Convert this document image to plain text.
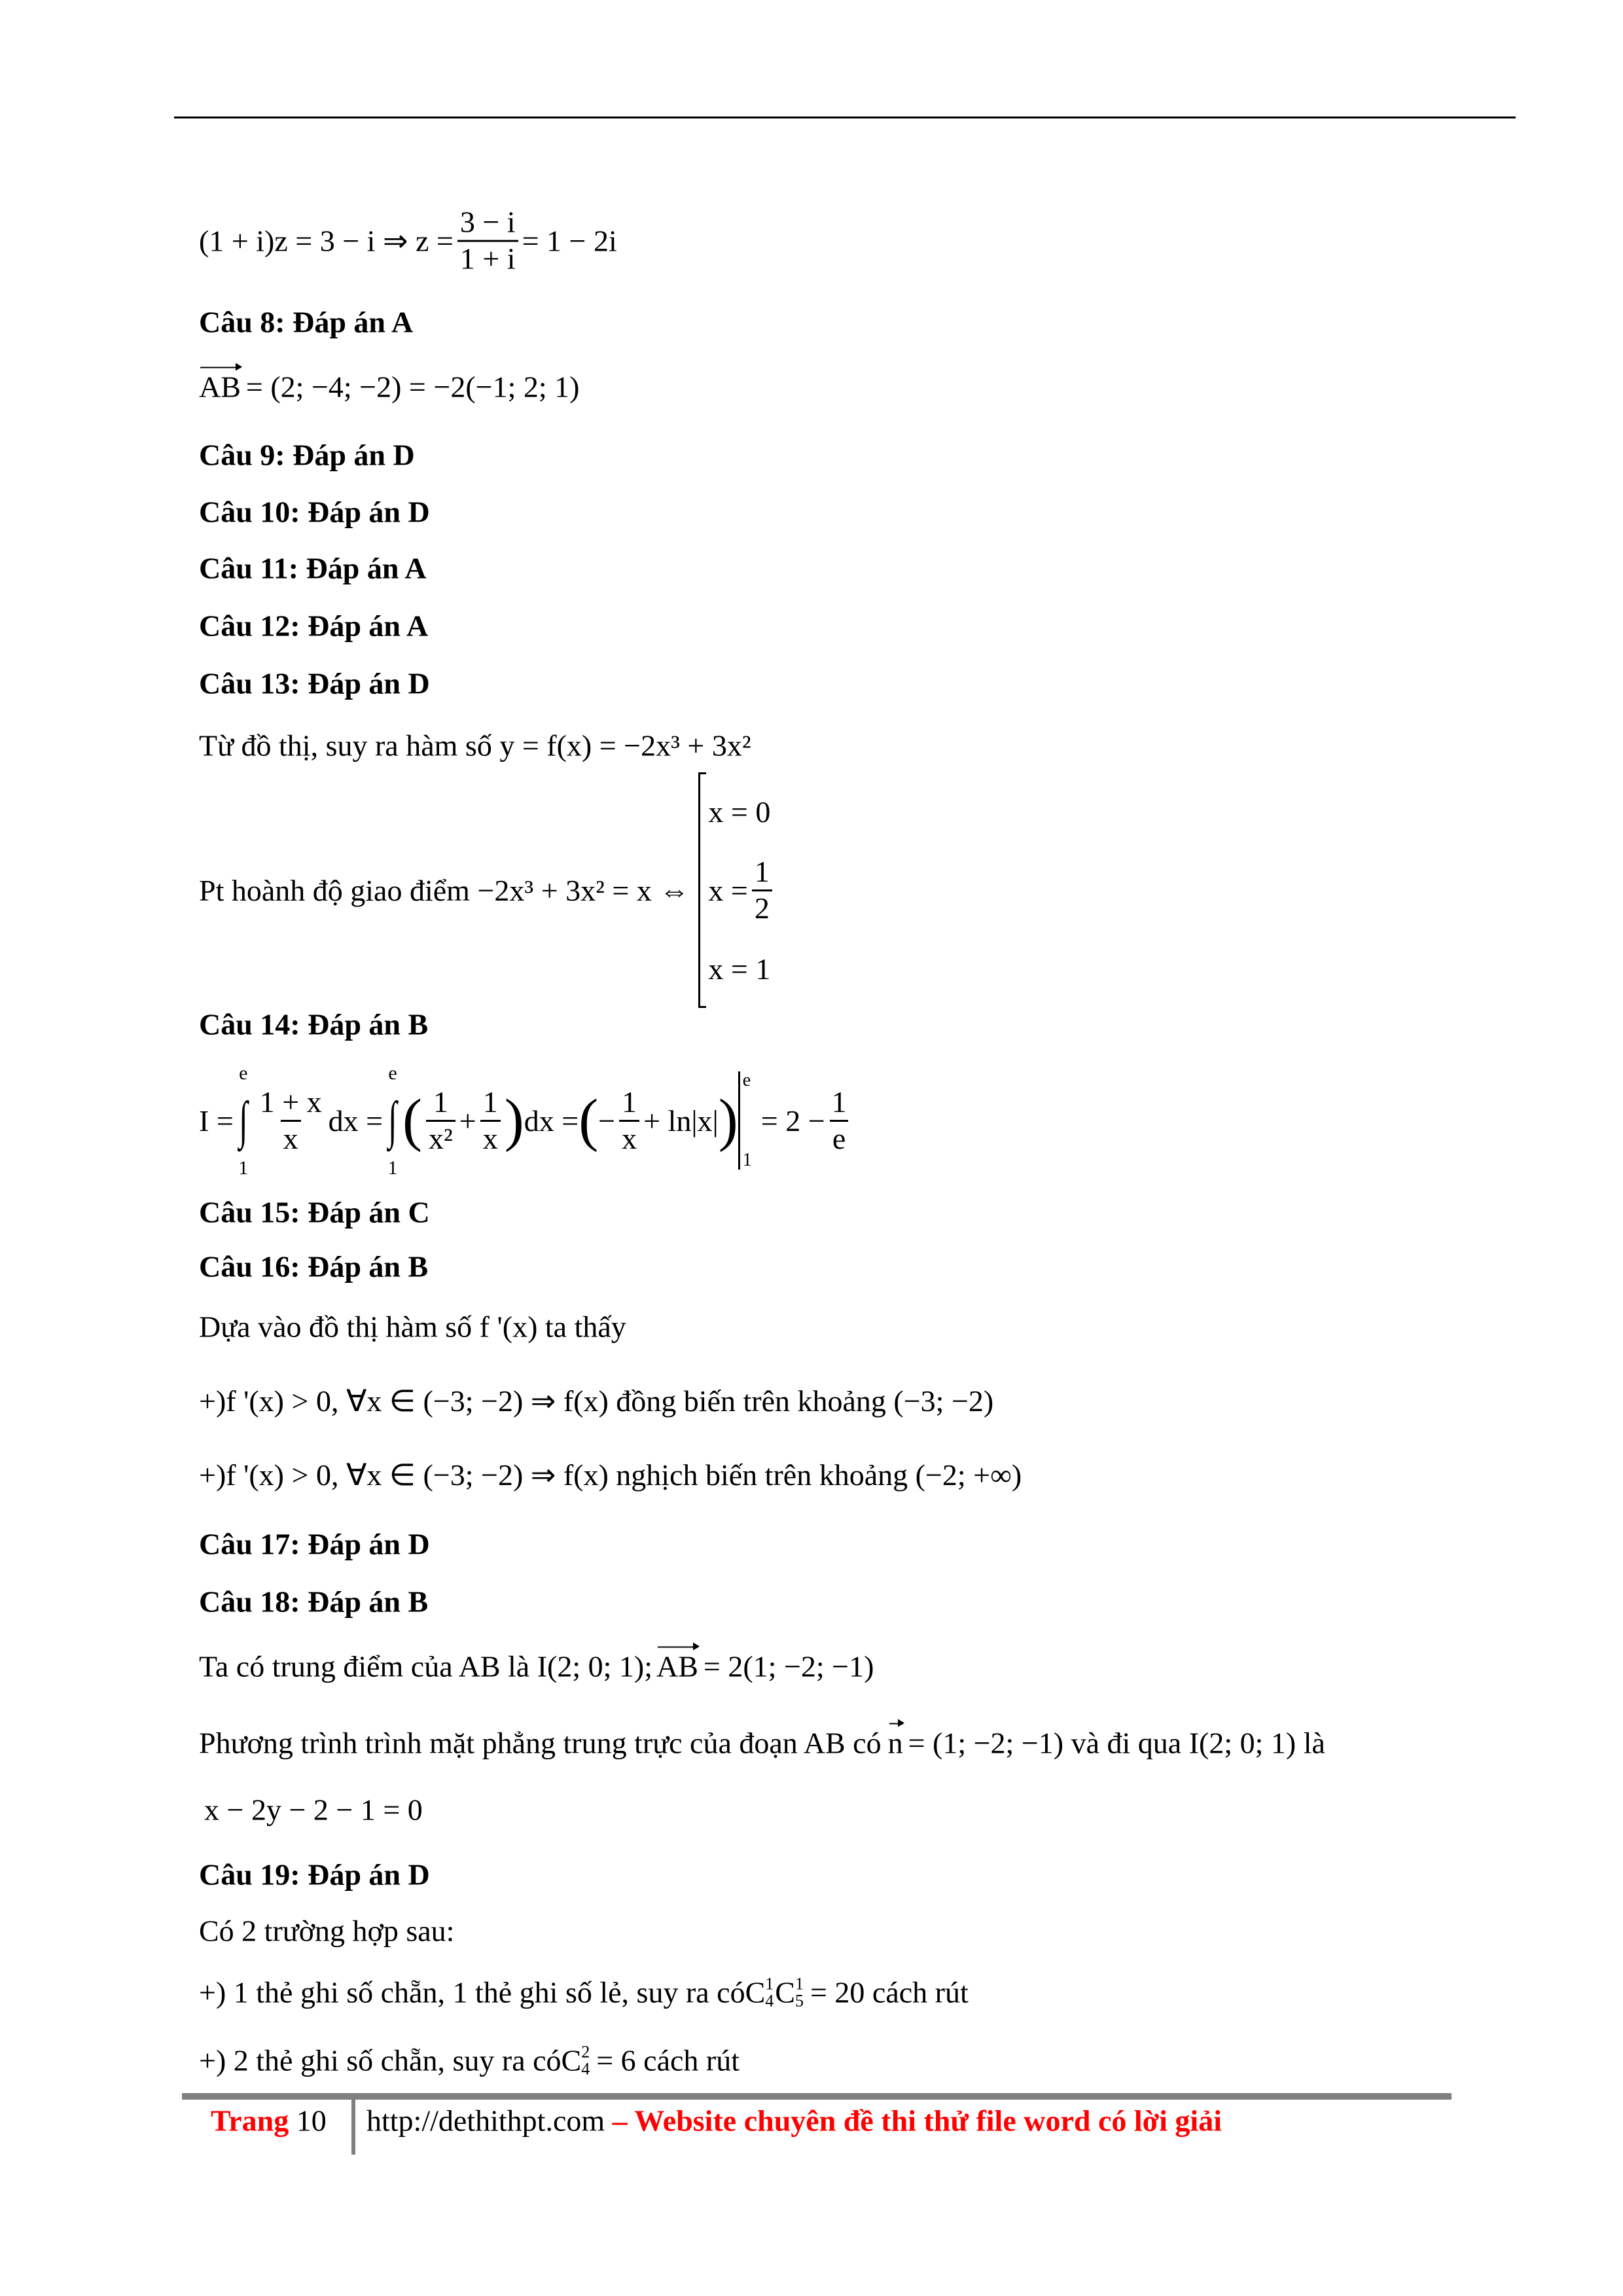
(1 + i)z = 3 − i ⇒ $z = \frac{3 - i}{1 + i} = 1 - 2i$
Câu 8: Đáp án A
AB = (2; −4; −2) = −2(−1; 2; 1)
Câu 9: Đáp án D
Câu 10: Đáp án D
Câu 11: Đáp án A
Câu 12: Đáp án A
Câu 13: Đáp án D
Từ đồ thị, suy ra hàm số y = f(x) = −2x³ + 3x²
Pt hoành độ giao điểm −2x³ + 3x² = x ⇔
x = 0
$x = \frac{1}{2}$
x = 1
Câu 14: Đáp án B
I =
e
∫
1
$\frac{1 + x}{x}$ dx =
e
∫
1
( $\frac{1}{\text{x²}} + \frac{1}{x}$ ) dx = ( − $\frac{1}{x} + \ln|x|$ )
e
1
= $2 - \frac{1}{e}$
Câu 15: Đáp án C
Câu 16: Đáp án B
Dựa vào đồ thị hàm số f '(x) ta thấy
+)f '(x) > 0, ∀x ∈ (−3; −2) ⇒ f(x) đồng biến trên khoảng (−3; −2)
+)f '(x) > 0, ∀x ∈ (−3; −2) ⇒ f(x) nghịch biến trên khoảng (−2; +∞)
Câu 17: Đáp án D
Câu 18: Đáp án B
Ta có trung điểm của AB là I(2; 0; 1); AB = 2(1; −2; −1)
Phương trình trình mặt phẳng trung trực của đoạn AB có n = (1; −2; −1) và đi qua I(2; 0; 1) là
x − 2y − 2 − 1 = 0
Câu 19: Đáp án D
Có 2 trường hợp sau:
+) 1 thẻ ghi số chẵn, 1 thẻ ghi số lẻ, suy ra có C 1
4 C 1
5 = 20 cách rút
+) 2 thẻ ghi số chẵn, suy ra có C 2
4 = 6 cách rút
Trang 10 http://dethithpt.com – Website chuyên đề thi thử file word có lời giải
